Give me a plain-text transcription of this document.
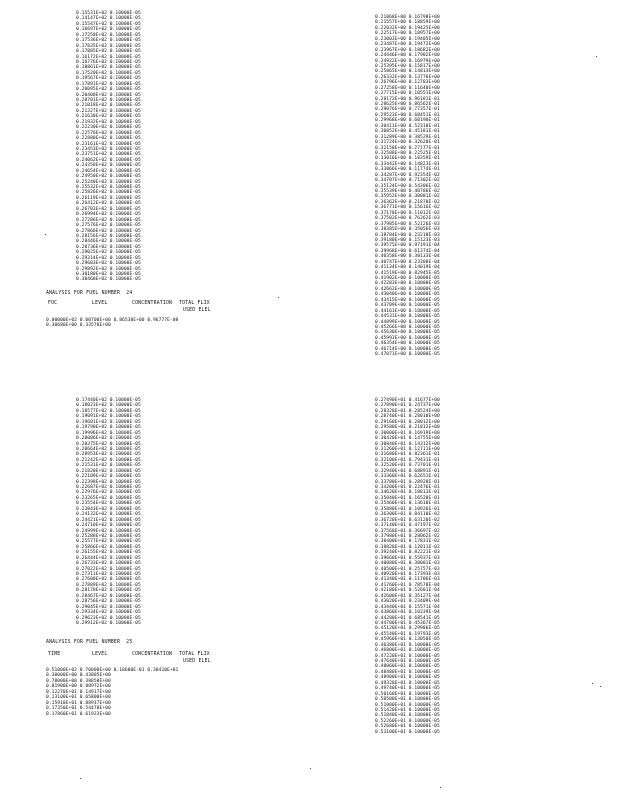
0.15531E+02 0.10000E-05
0.14147E+02 0.10000E-05
0.15547E+02 0.10000E-05
0.16697E+02 0.10000E-05
0.17250E+02 0.10000E-05
0.17536E+02 0.10000E-05
0.17835E+02 0.10000E-05
0.17885E+02 0.10000E-05
0.16172E+02 0.10000E-05
0.16776E+02 0.10000E-05
0.18861E+02 0.10000E-05
0.17520E+02 0.10000E-05
0.19567E+02 0.10000E-05
0.17891E+02 0.10000E-05
0.20095E+02 0.10000E-05
0.20400E+02 0.10000E-05
0.20701E+02 0.10000E-05
0.21018E+02 0.10000E-05
0.21327E+02 0.10000E-05
0.21630E+02 0.10000E-05
0.21932E+02 0.10000E-05
0.22230E+02 0.10000E-05
0.22576E+02 0.10000E-05
0.22880E+02 0.10000E-05
0.23161E+02 0.10000E-05
0.23453E+02 0.10000E-05
0.23751E+02 0.10000E-05
0.24062E+02 0.10000E-05
0.24358E+02 0.10000E-05
0.24654E+02 0.10000E-05
0.24950E+02 0.10000E-05
0.25240E+02 0.10000E-05
0.25532E+02 0.10000E-05
0.25826E+02 0.10000E-05
0.26119E+02 0.10000E-05
0.26412E+02 0.10000E-05
0.26703E+02 0.10000E-05
0.26994E+02 0.10000E-05
0.27286E+02 0.10000E-05
0.27576E+02 0.10000E-05
0.27866E+02 0.10000E-05
0.28156E+02 0.10000E-05
0.28446E+02 0.10000E-05
0.28736E+02 0.10000E-05
0.29025E+02 0.10000E-05
0.29314E+02 0.10000E-05
0.29603E+02 0.10000E-05
0.29892E+02 0.10000E-05
0.30180E+02 0.10000E-05
0.30468E+02 0.10000E-05
ANALYSIS FOR FUEL NUMBER  24
FOC	LEVEL	CONCENTRATION TOTAL FLIX
USED ELEL
0.00000E+02 0.00700E+00 0.86530E+00 0.96777E-08
0.30680E+00 0.33570E+00
0.21068E+00 0.16798E+00
0.21557E+00 0.18859E+00
0.22032E+00 0.19425E+00
0.22517E+00 0.18957E+00
0.23003E+00 0.19405E+00
0.23487E+00 0.19472E+00
0.23967E+00 0.18682E+00
0.24446E+00 0.17902E+00
0.24922E+00 0.16979E+00
0.25395E+00 0.15817E+00
0.25865E+00 0.14813E+00
0.26332E+00 0.13776E+00
0.26796E+00 0.12703E+00
0.27258E+00 0.11640E+00
0.27715E+00 0.10551E+00
0.28172E+00 0.96181E-01
0.28625E+00 0.86562E-01
0.29076E+00 0.77357E-01
0.29523E+00 0.68451E-01
0.29968E+00 0.60190E-01
0.30411E+00 0.52318E-01
0.30852E+00 0.45181E-01
0.31289E+00 0.38529E-01
0.31724E+00 0.32620E-01
0.32158E+00 0.27177E-01
0.32588E+00 0.22525E-01
0.33016E+00 0.18359E-01
0.33442E+00 0.14823E-01
0.33866E+00 0.11774E-01
0.34287E+00 0.92354E-02
0.34707E+00 0.71302E-02
0.35124E+00 0.54306E-02
0.35539E+00 0.40786E-02
0.35952E+00 0.30081E-02
0.36362E+00 0.21870E-02
0.36771E+00 0.15616E-02
0.37178E+00 0.11012E-02
0.37582E+00 0.76262E-03
0.37985E+00 0.52126E-03
0.38385E+00 0.35056E-03
0.38784E+00 0.23218E-03
0.39180E+00 0.15123E-03
0.39575E+00 0.97191E-04
0.39968E+00 0.61374E-04
0.40358E+00 0.38133E-04
0.40747E+00 0.23308E-04
0.41134E+00 0.14019E-04
0.41519E+00 0.82945E-05
0.41902E+00 0.10000E-05
0.42283E+00 0.10000E-05
0.42662E+00 0.10000E-05
0.43040E+00 0.10000E-05
0.43415E+00 0.10000E-05
0.43789E+00 0.10000E-05
0.44161E+00 0.10000E-05
0.44531E+00 0.10000E-05
0.44899E+00 0.10000E-05
0.45266E+00 0.10000E-05
0.45630E+00 0.10000E-05
0.45993E+00 0.10000E-05
0.46354E+00 0.10000E-05
0.46714E+00 0.10000E-05
0.47071E+00 0.10000E-05
0.17440E+02 0.10000E-05
0.18023E+02 0.10000E-05
0.18577E+02 0.10000E-05
0.19091E+02 0.10000E-05
0.19601E+02 0.10000E-05
0.19790E+02 0.10000E-05
0.19996E+02 0.10000E-05
0.20086E+02 0.10000E-05
0.20375E+02 0.10000E-05
0.20664E+02 0.10000E-05
0.20953E+02 0.10000E-05
0.21242E+02 0.10000E-05
0.21531E+02 0.10000E-05
0.21820E+02 0.10000E-05
0.22109E+02 0.10000E-05
0.22398E+02 0.10000E-05
0.22687E+02 0.10000E-05
0.22976E+02 0.10000E-05
0.23265E+02 0.10000E-05
0.23554E+02 0.10000E-05
0.23843E+02 0.10000E-05
0.24132E+02 0.10000E-05
0.24421E+02 0.10000E-05
0.24710E+02 0.10000E-05
0.24999E+02 0.10000E-05
0.25288E+02 0.10000E-05
0.25577E+02 0.10000E-05
0.25866E+02 0.10000E-05
0.26155E+02 0.10000E-05
0.26444E+02 0.10000E-05
0.26733E+02 0.10000E-05
0.27022E+02 0.10000E-05
0.27311E+02 0.10000E-05
0.27600E+02 0.10000E-05
0.27889E+02 0.10000E-05
0.28178E+02 0.10000E-05
0.28467E+02 0.10000E-05
0.28756E+02 0.10000E-05
0.29045E+02 0.10000E-05
0.29334E+02 0.10000E-05
0.29623E+02 0.10000E-05
0.29912E+02 0.10000E-05
ANALYSIS FOR FUEL NUMBER  25
TIME	LEVEL	CONCENTRATION TOTAL FLIX
USED ELEL
0.51000E+02 0.70000E+00 0.18600E-01 0.30410E+01
0.30000E+00 0.43805E+00
0.70000E+00 0.38850E+00
0.81900E+00 0.88972E+00
0.12270E+01 0.14917E+00
0.13100E+01 0.65800E+00
0.15910E+01 0.88917E+00
0.17350E+01 0.54470E+00
0.17860E+01 0.61923E+00
0.27490E+01 0.41677E+00
0.27890E+01 0.24737E+00
0.28320E+01 0.28524E+00
0.28740E+01 0.28010E+00
0.29160E+01 0.28012E+00
0.29580E+01 0.21812E+00
0.30000E+01 0.16919E+00
0.30420E+01 0.14755E+00
0.30840E+01 0.14312E+00
0.31260E+01 0.12711E+00
0.31680E+01 0.82361E-01
0.32100E+01 0.79431E-01
0.32520E+01 0.73701E-01
0.32940E+01 0.68891E-01
0.33360E+01 0.62651E-01
0.33780E+01 0.28928E-01
0.34200E+01 0.22476E-01
0.34620E+01 0.18813E-01
0.35040E+01 0.16520E-01
0.35460E+01 0.13618E-01
0.35880E+01 0.10926E-01
0.36300E+01 0.84110E-02
0.36720E+01 0.63120E-02
0.37140E+01 0.47197E-02
0.37560E+01 0.36697E-02
0.37980E+01 0.28062E-02
0.38400E+01 0.17831E-02
0.38820E+01 0.12011E-02
0.39240E+01 0.82221E-03
0.39660E+01 0.55937E-03
0.40080E+01 0.38001E-03
0.40500E+01 0.25757E-03
0.40920E+01 0.17393E-03
0.41340E+01 0.11706E-03
0.41760E+01 0.78578E-04
0.42180E+01 0.52601E-04
0.42600E+01 0.35127E-04
0.43020E+01 0.23409E-04
0.43440E+01 0.15571E-04
0.43860E+01 0.10339E-04
0.44280E+01 0.68541E-05
0.44700E+01 0.45367E-05
0.45120E+01 0.29986E-05
0.45540E+01 0.19793E-05
0.45960E+01 0.13050E-05
0.46380E+01 0.10000E-05
0.46800E+01 0.10000E-05
0.47220E+01 0.10000E-05
0.47640E+01 0.10000E-05
0.48060E+01 0.10000E-05
0.48480E+01 0.10000E-05
0.48900E+01 0.10000E-05
0.49320E+01 0.10000E-05
0.49740E+01 0.10000E-05
0.50160E+01 0.10000E-05
0.50580E+01 0.10000E-05
0.51000E+01 0.10000E-05
0.51420E+01 0.10000E-05
0.51840E+01 0.10000E-05
0.52260E+01 0.10000E-05
0.52680E+01 0.10000E-05
0.53100E+01 0.10000E-05
